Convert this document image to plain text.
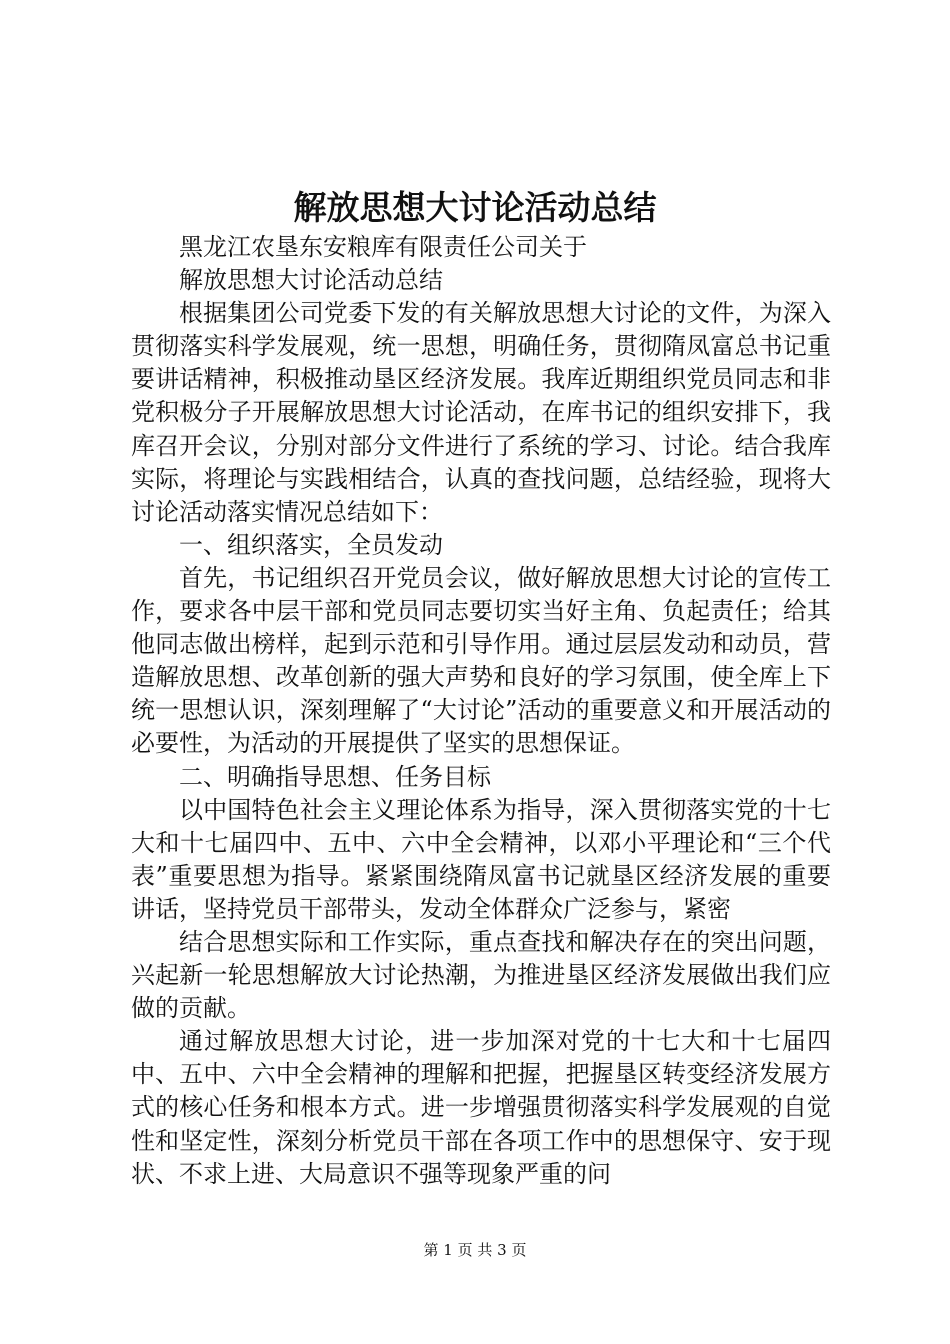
解放思想大讨论活动总结

黑龙江农垦东安粮库有限责任公司关于

解放思想大讨论活动总结

根据集团公司党委下发的有关解放思想大讨论的文件，为深入贯彻落实科学发展观，统一思想，明确任务，贯彻隋凤富总书记重要讲话精神，积极推动垦区经济发展。我库近期组织党员同志和非党积极分子开展解放思想大讨论活动，在库书记的组织安排下，我库召开会议，分别对部分文件进行了系统的学习、讨论。结合我库实际，将理论与实践相结合，认真的查找问题，总结经验，现将大讨论活动落实情况总结如下：

一、组织落实，全员发动

首先，书记组织召开党员会议，做好解放思想大讨论的宣传工作，要求各中层干部和党员同志要切实当好主角、负起责任；给其他同志做出榜样，起到示范和引导作用。通过层层发动和动员，营造解放思想、改革创新的强大声势和良好的学习氛围，使全库上下统一思想认识，深刻理解了“大讨论”活动的重要意义和开展活动的必要性，为活动的开展提供了坚实的思想保证。

二、明确指导思想、任务目标

以中国特色社会主义理论体系为指导，深入贯彻落实党的十七大和十七届四中、五中、六中全会精神，以邓小平理论和“三个代表”重要思想为指导。紧紧围绕隋凤富书记就垦区经济发展的重要讲话，坚持党员干部带头，发动全体群众广泛参与，紧密

结合思想实际和工作实际，重点查找和解决存在的突出问题，兴起新一轮思想解放大讨论热潮，为推进垦区经济发展做出我们应做的贡献。

通过解放思想大讨论，进一步加深对党的十七大和十七届四中、五中、六中全会精神的理解和把握，把握垦区转变经济发展方式的核心任务和根本方式。进一步增强贯彻落实科学发展观的自觉性和坚定性，深刻分析党员干部在各项工作中的思想保守、安于现状、不求上进、大局意识不强等现象严重的问

第 1 页 共 3 页
